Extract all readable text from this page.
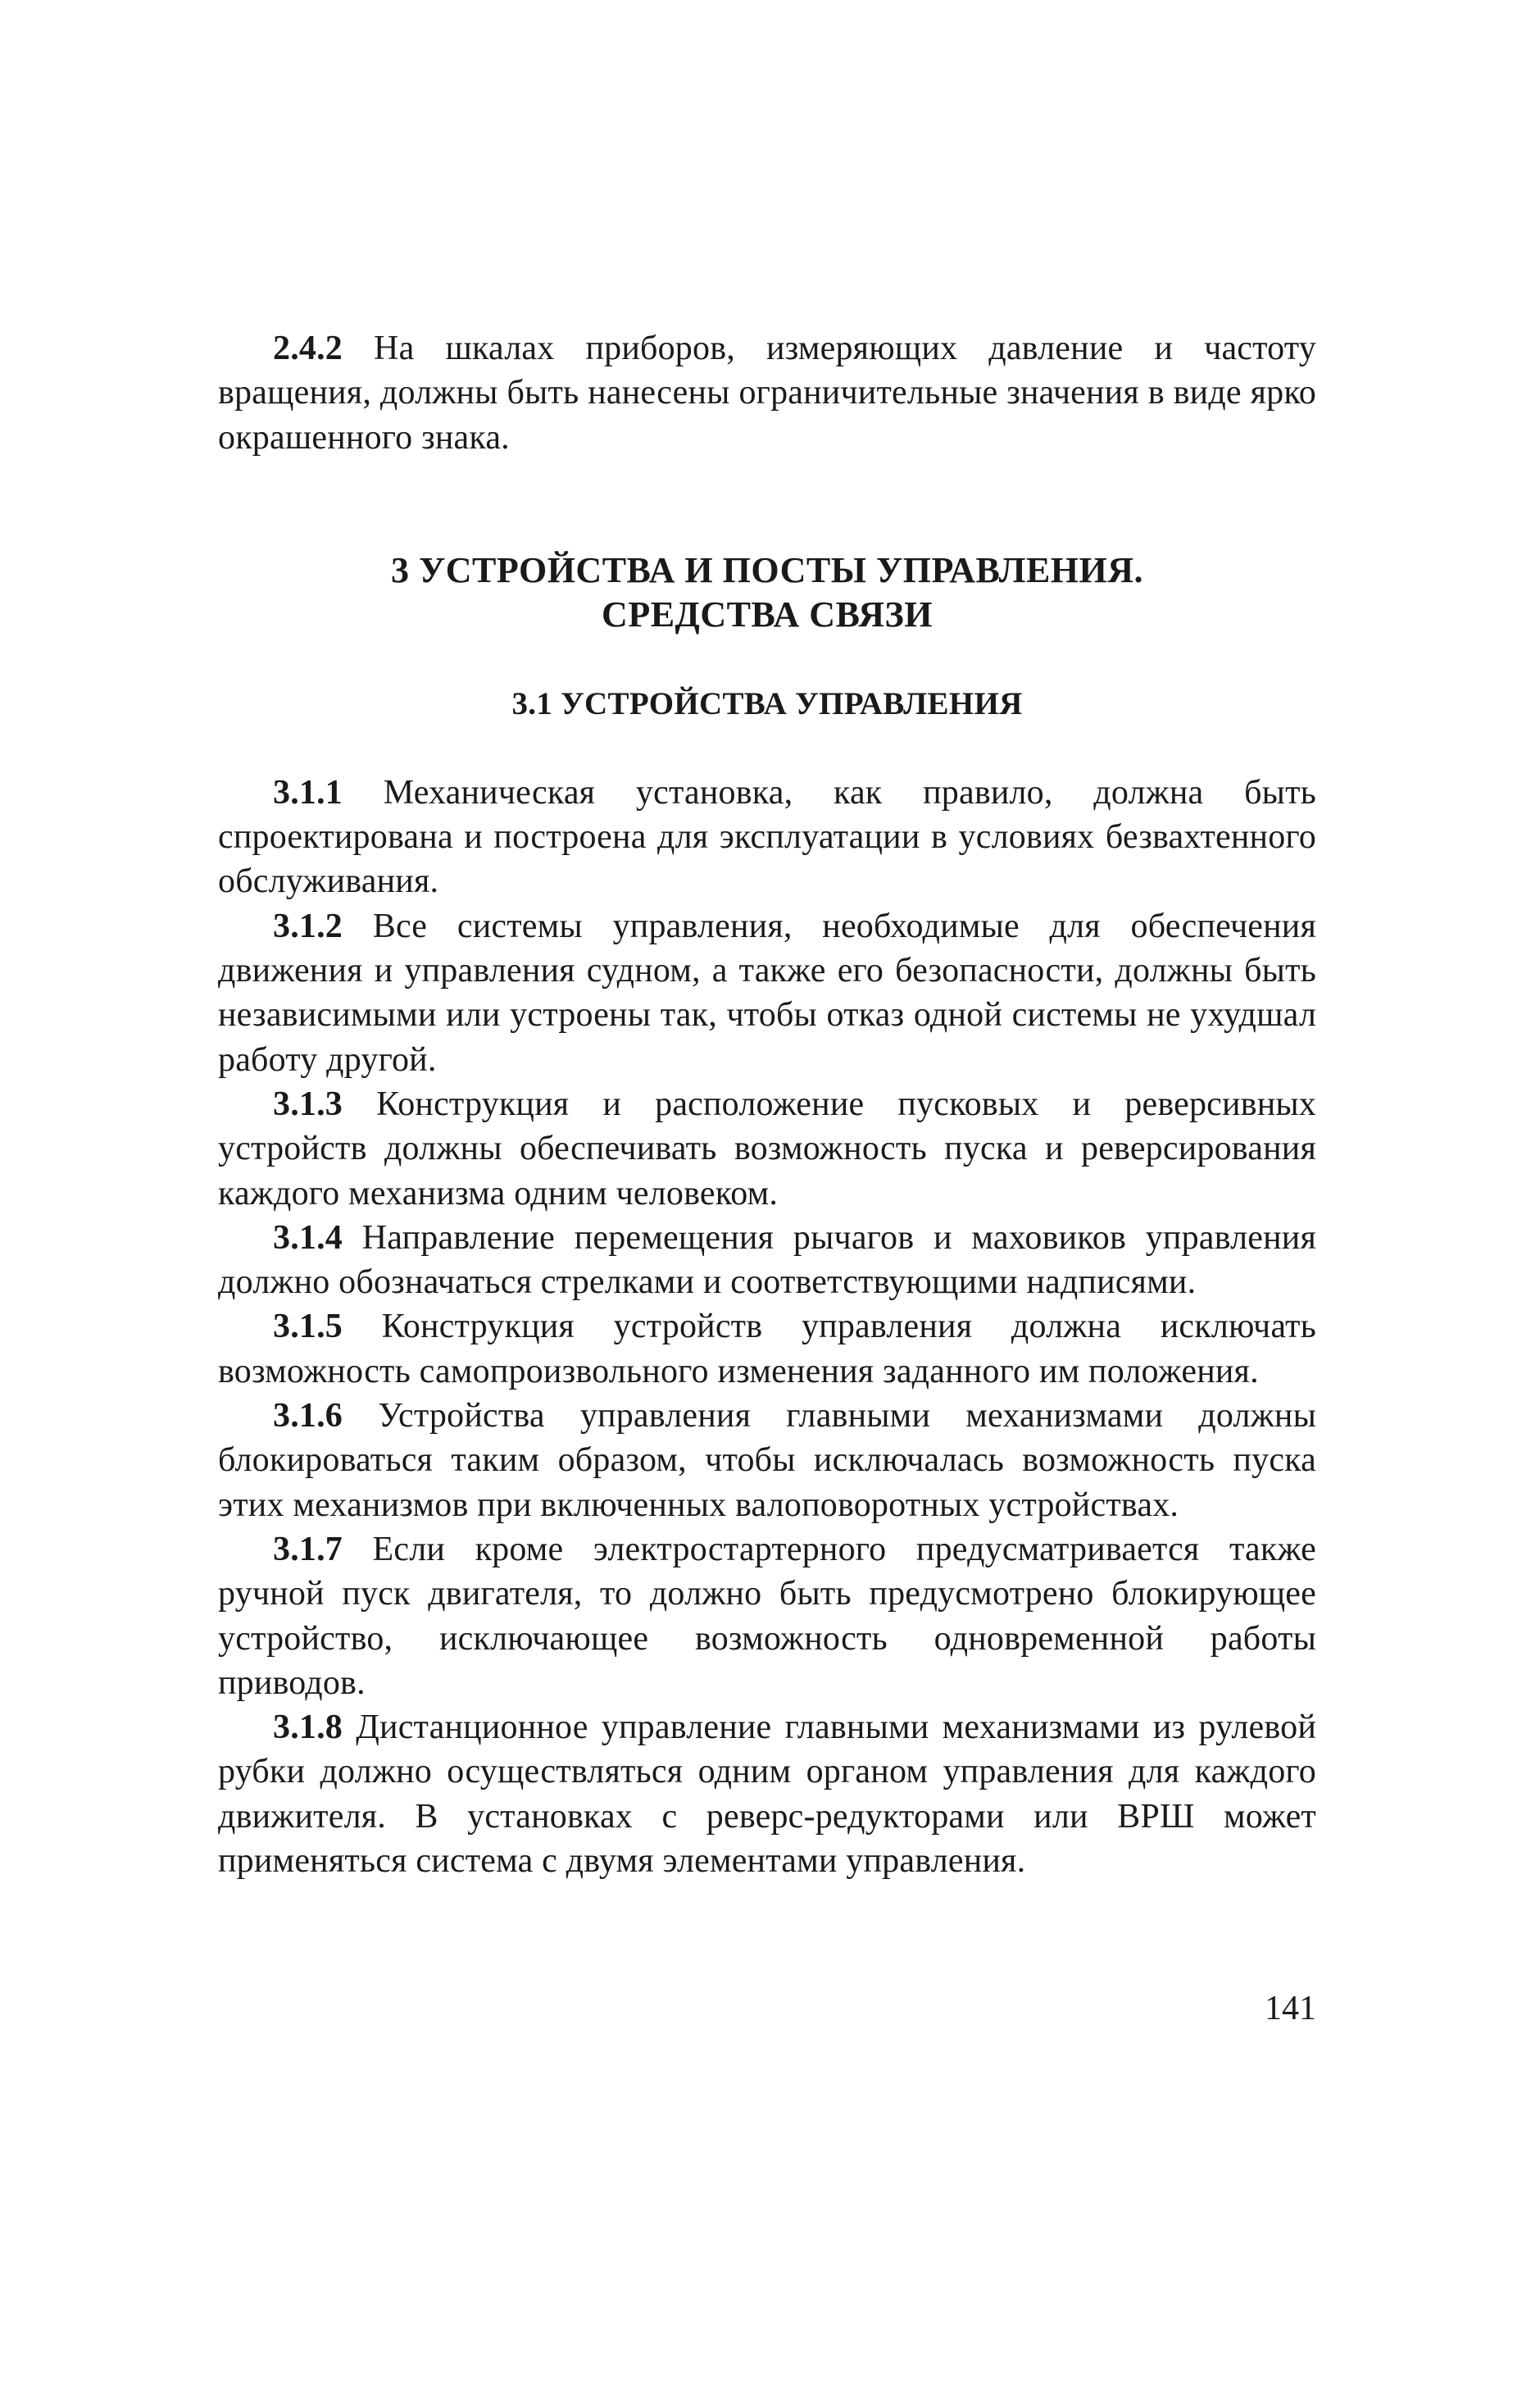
2.4.2 На шкалах приборов, измеряющих давление и частоту вращения, должны быть нанесены ограничительные значения в виде ярко окрашенного знака.

3 УСТРОЙСТВА И ПОСТЫ УПРАВЛЕНИЯ.
СРЕДСТВА СВЯЗИ
3.1 УСТРОЙСТВА УПРАВЛЕНИЯ

3.1.1 Механическая установка, как правило, должна быть спроектирована и построена для эксплуатации в условиях безвахтенного обслуживания.

3.1.2 Все системы управления, необходимые для обеспечения движения и управления судном, а также его безопасности, должны быть независимыми или устроены так, чтобы отказ одной системы не ухудшал работу другой.

3.1.3 Конструкция и расположение пусковых и реверсивных устройств должны обеспечивать возможность пуска и реверсирования каждого механизма одним человеком.

3.1.4 Направление перемещения рычагов и маховиков управления должно обозначаться стрелками и соответствующими надписями.

3.1.5 Конструкция устройств управления должна исключать возможность самопроизвольного изменения заданного им положения.

3.1.6 Устройства управления главными механизмами должны блокироваться таким образом, чтобы исключалась возможность пуска этих механизмов при включенных валоповоротных устройствах.

3.1.7 Если кроме электростартерного предусматривается также ручной пуск двигателя, то должно быть предусмотрено блокирующее устройство, исключающее возможность одновременной работы приводов.

3.1.8 Дистанционное управление главными механизмами из рулевой рубки должно осуществляться одним органом управления для каждого движителя. В установках с реверс-редукторами или ВРШ может применяться система с двумя элементами управления.

141
